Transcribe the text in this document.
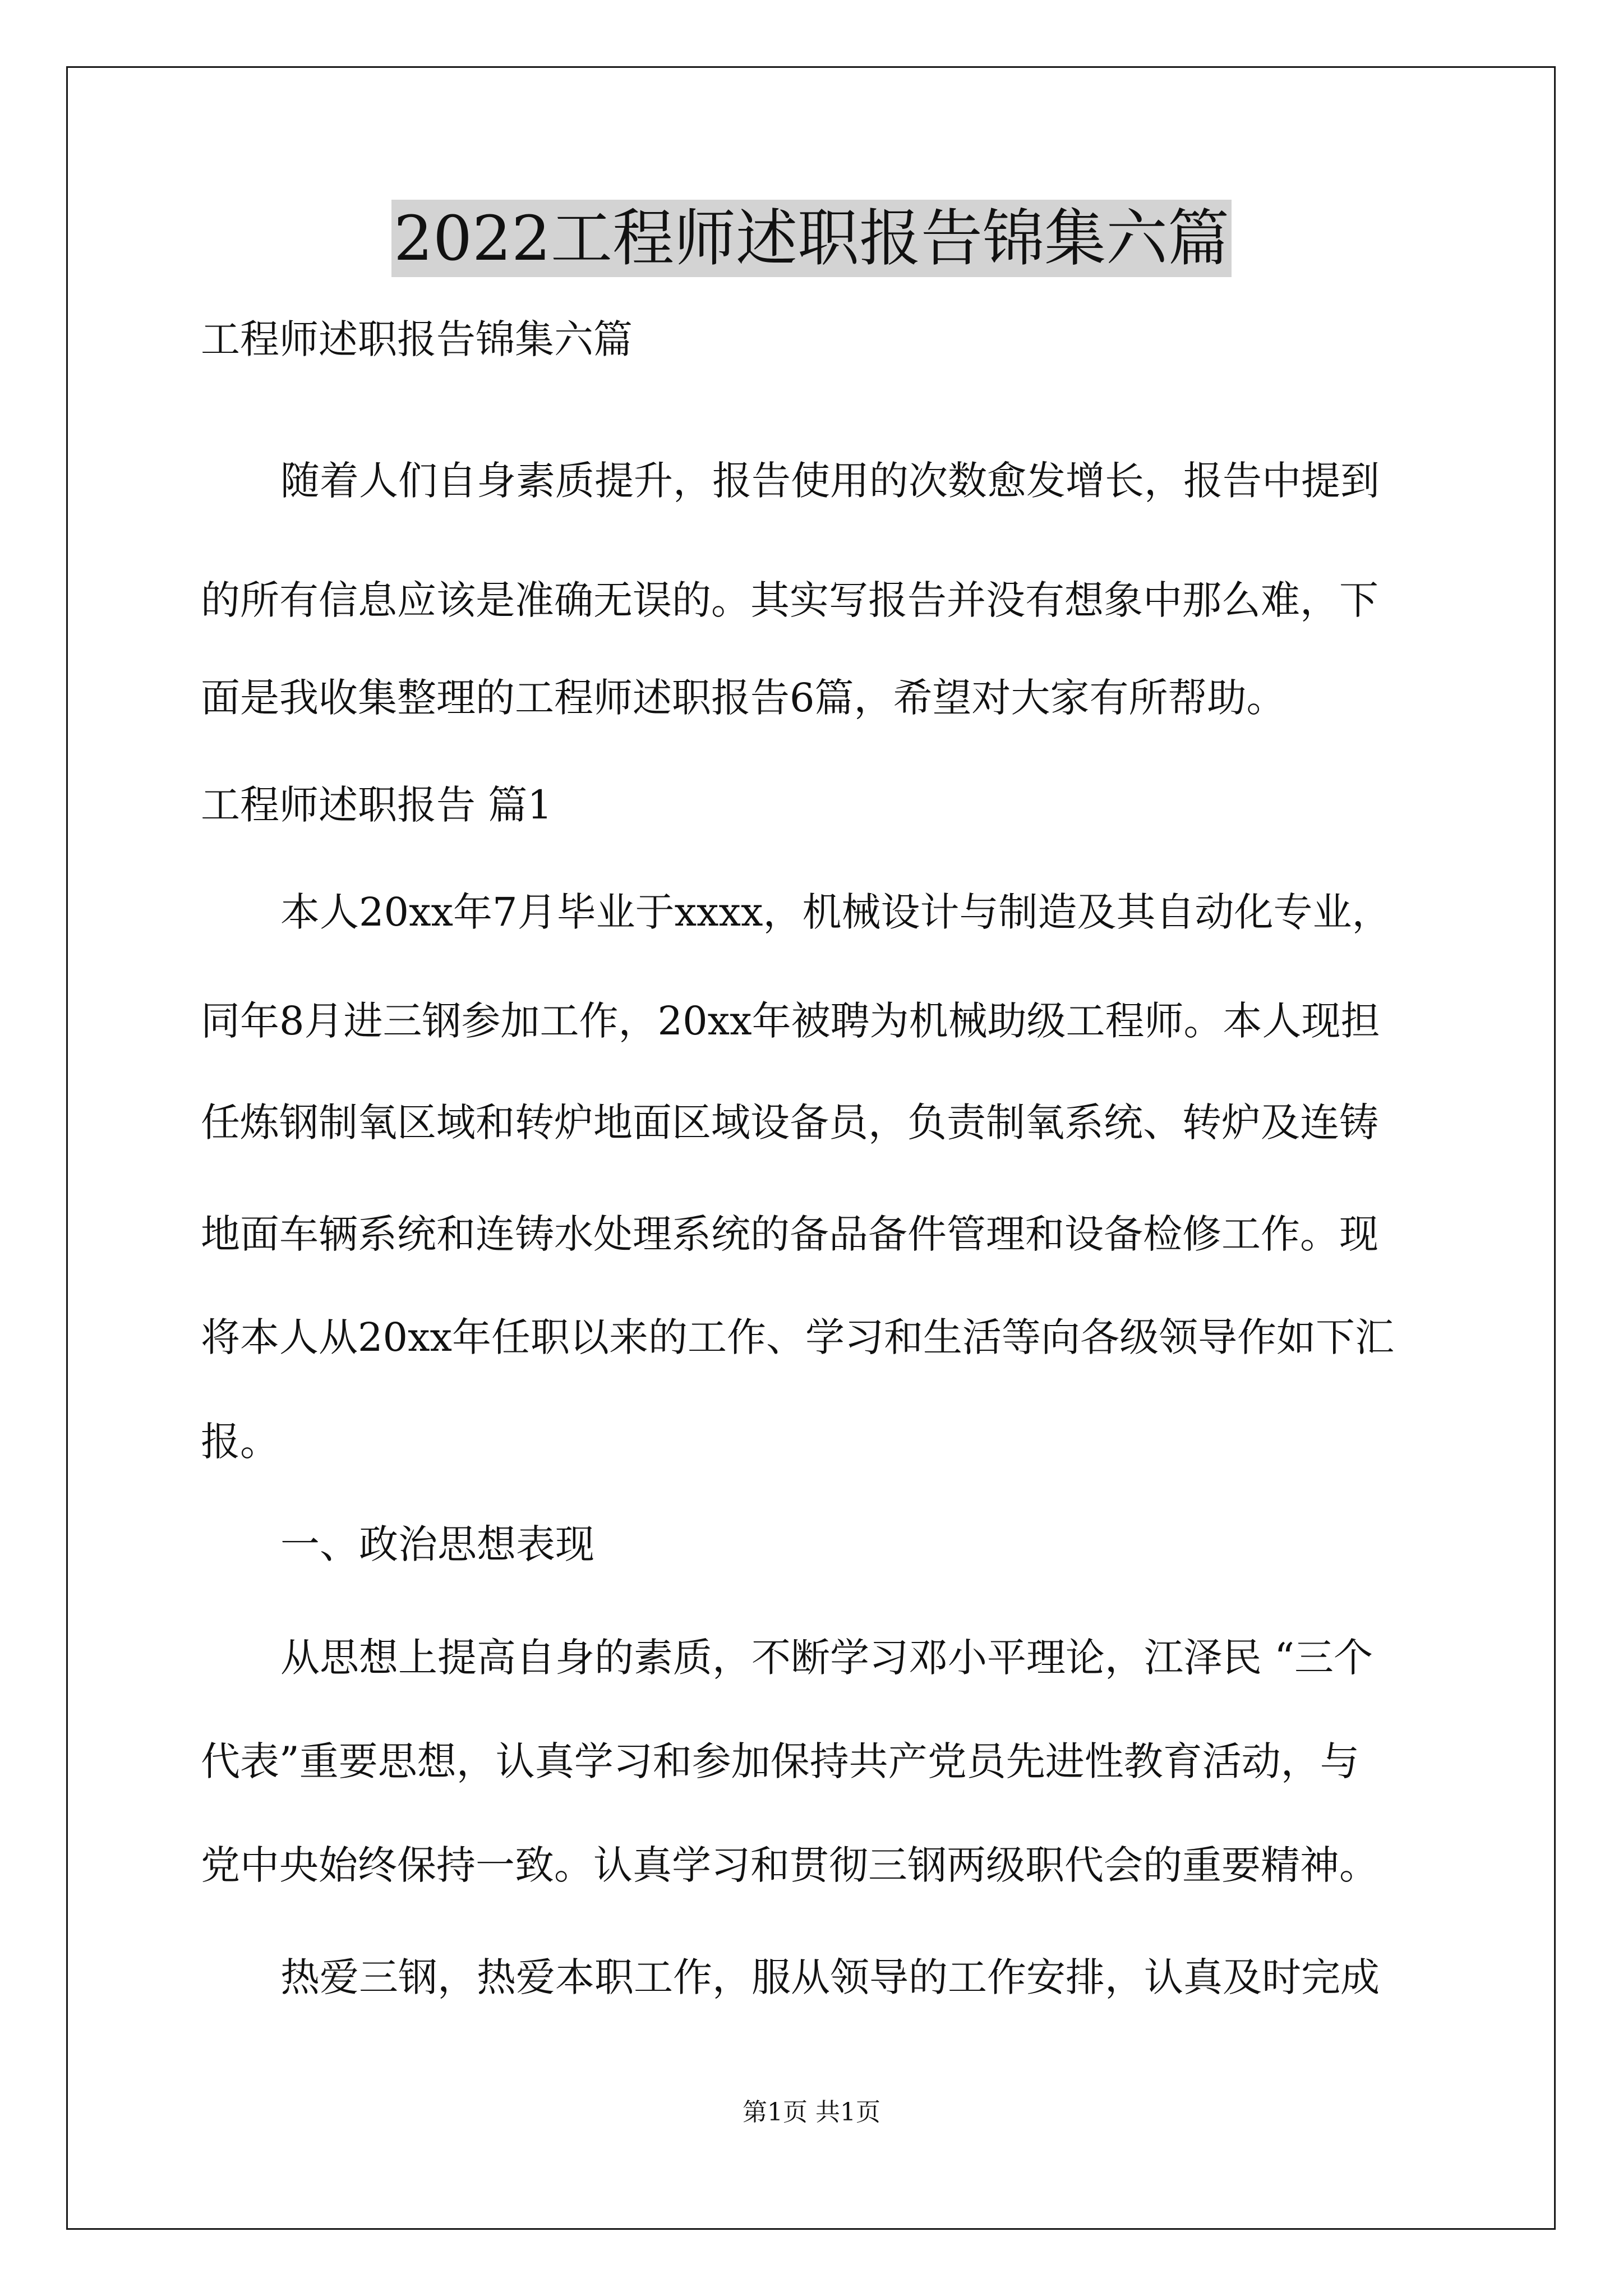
2022工程师述职报告锦集六篇
工程师述职报告锦集六篇
随着人们自身素质提升，报告使用的次数愈发增长，报告中提到
的所有信息应该是准确无误的。其实写报告并没有想象中那么难，下
面是我收集整理的工程师述职报告6篇，希望对大家有所帮助。
工程师述职报告 篇1
本人20xx年7月毕业于xxxx，机械设计与制造及其自动化专业，
同年8月进三钢参加工作，20xx年被聘为机械助级工程师。本人现担
任炼钢制氧区域和转炉地面区域设备员，负责制氧系统、转炉及连铸
地面车辆系统和连铸水处理系统的备品备件管理和设备检修工作。现
将本人从20xx年任职以来的工作、学习和生活等向各级领导作如下汇
报。
一、政治思想表现
从思想上提高自身的素质，不断学习邓小平理论，江泽民 “三个
代表”重要思想，认真学习和参加保持共产党员先进性教育活动，与
党中央始终保持一致。认真学习和贯彻三钢两级职代会的重要精神。
热爱三钢，热爱本职工作，服从领导的工作安排，认真及时完成
第1页 共1页
